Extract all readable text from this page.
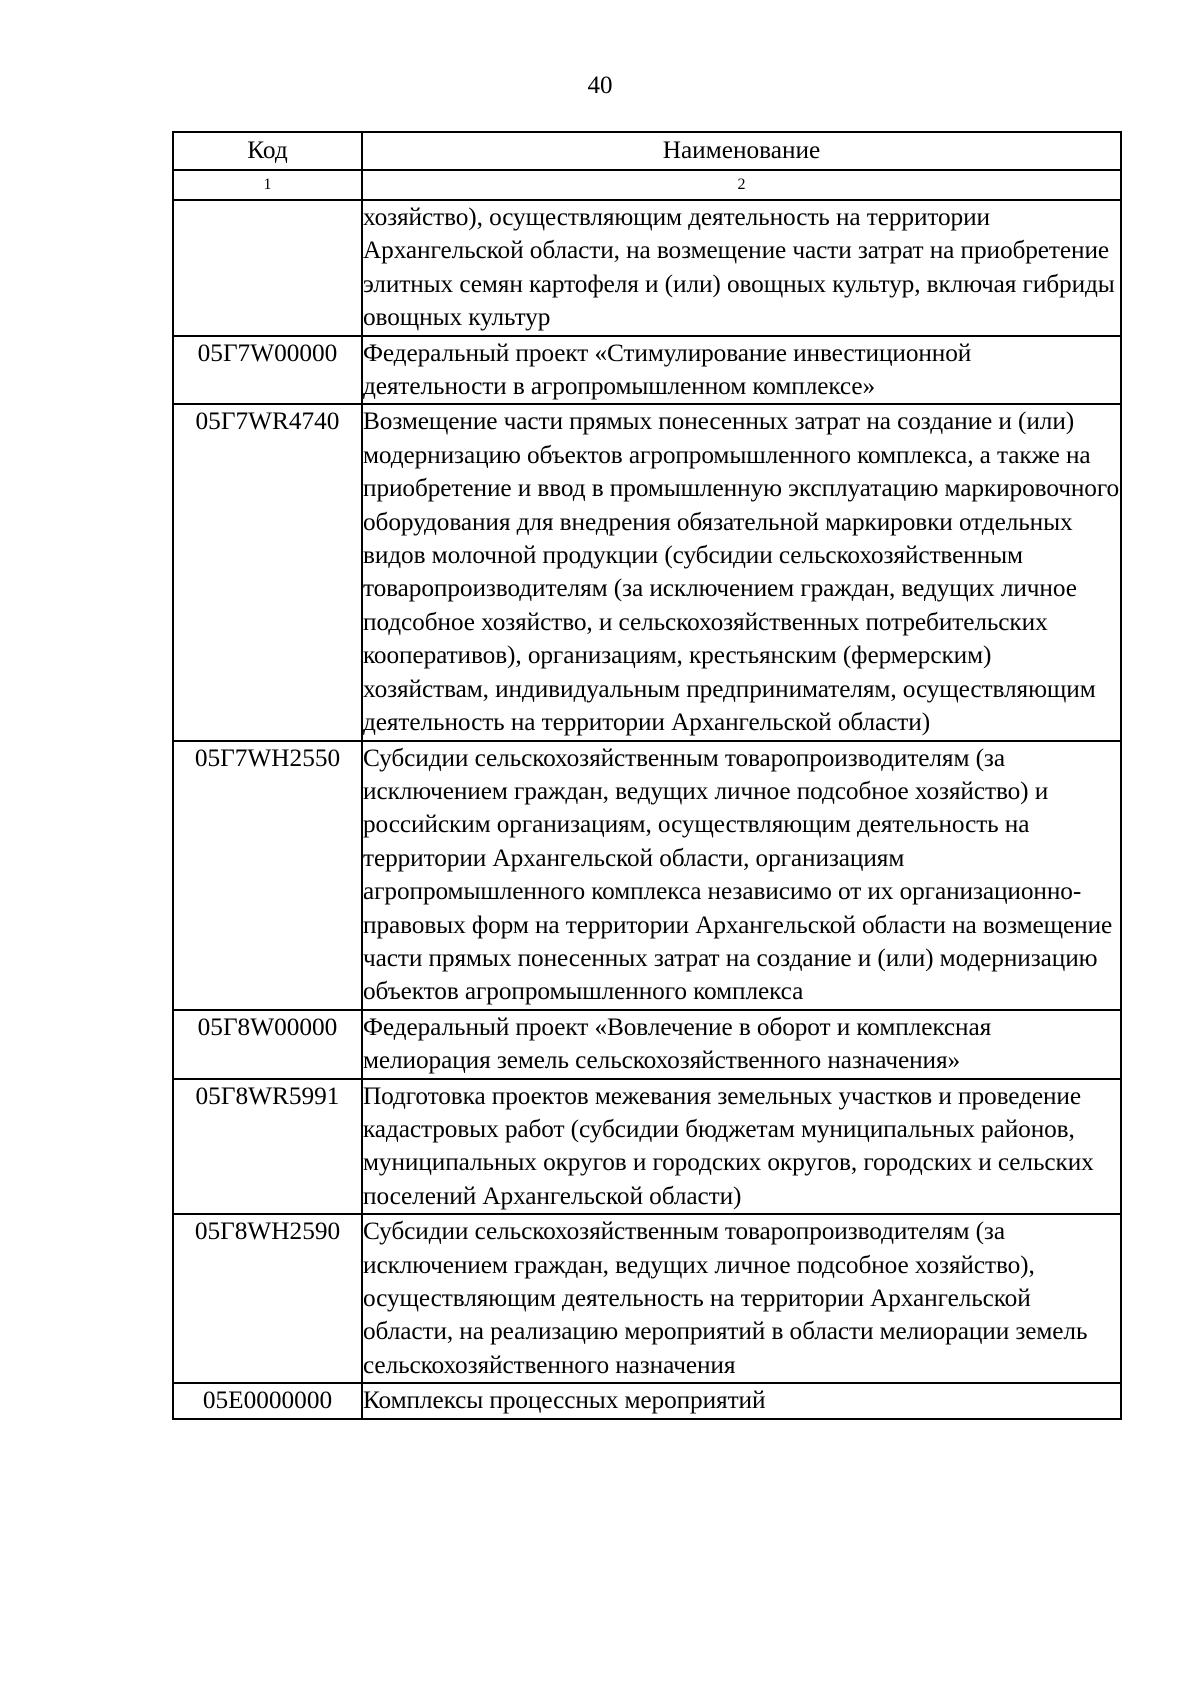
40
Код	Наименование
1	2
	хозяйство), осуществляющим деятельность на территории Архангельской области, на возмещение части затрат на приобретение элитных семян картофеля и (или) овощных культур, включая гибриды овощных культур
05Г7W00000	Федеральный проект «Стимулирование инвестиционной деятельности в агропромышленном комплексе»
05Г7WR4740	Возмещение части прямых понесенных затрат на создание и (или) модернизацию объектов агропромышленного комплекса, а также на приобретение и ввод в промышленную эксплуатацию маркировочного оборудования для внедрения обязательной маркировки отдельных видов молочной продукции (субсидии сельскохозяйственным товаропроизводителям (за исключением граждан, ведущих личное подсобное хозяйство, и сельскохозяйственных потребительских кооперативов), организациям, крестьянским (фермерским) хозяйствам, индивидуальным предпринимателям, осуществляющим деятельность на территории Архангельской области)
05Г7WН2550	Субсидии сельскохозяйственным товаропроизводителям (за исключением граждан, ведущих личное подсобное хозяйство) и российским организациям, осуществляющим деятельность на территории Архангельской области, организациям агропромышленного комплекса независимо от их организационно-правовых форм на территории Архангельской области на возмещение части прямых понесенных затрат на создание и (или) модернизацию объектов агропромышленного комплекса
05Г8W00000	Федеральный проект «Вовлечение в оборот и комплексная мелиорация земель сельскохозяйственного назначения»
05Г8WR5991	Подготовка проектов межевания земельных участков и проведение кадастровых работ (субсидии бюджетам муниципальных районов, муниципальных округов и городских округов, городских и сельских поселений Архангельской области)
05Г8WН2590	Субсидии сельскохозяйственным товаропроизводителям (за исключением граждан, ведущих личное подсобное хозяйство), осуществляющим деятельность на территории Архангельской области, на реализацию мероприятий в области мелиорации земель сельскохозяйственного назначения
05Е0000000	Комплексы процессных мероприятий
